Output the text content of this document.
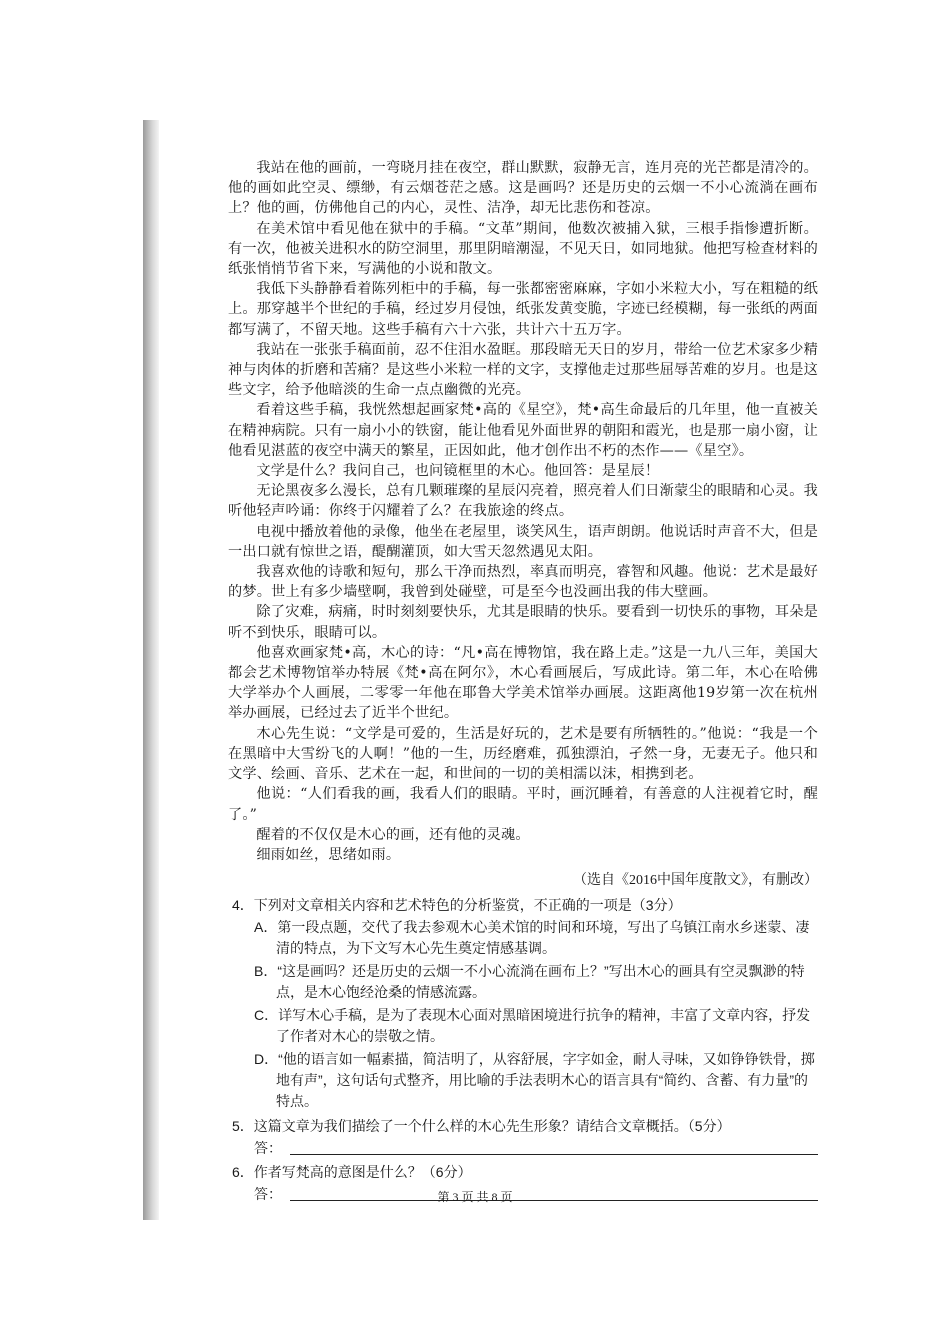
我站在他的画前，一弯晓月挂在夜空，群山默默，寂静无言，连月亮的光芒都是清冷的。他的画如此空灵、缥缈，有云烟苍茫之感。这是画吗？还是历史的云烟一不小心流淌在画布上？他的画，仿佛他自己的内心，灵性、洁净，却无比悲伤和苍凉。

在美术馆中看见他在狱中的手稿。“文革”期间，他数次被捕入狱，三根手指惨遭折断。有一次，他被关进积水的防空洞里，那里阴暗潮湿，不见天日，如同地狱。他把写检查材料的纸张悄悄节省下来，写满他的小说和散文。

我低下头静静看着陈列柜中的手稿，每一张都密密麻麻，字如小米粒大小，写在粗糙的纸上。那穿越半个世纪的手稿，经过岁月侵蚀，纸张发黄变脆，字迹已经模糊，每一张纸的两面都写满了，不留天地。这些手稿有六十六张，共计六十五万字。

我站在一张张手稿面前，忍不住泪水盈眶。那段暗无天日的岁月，带给一位艺术家多少精神与肉体的折磨和苦痛？是这些小米粒一样的文字，支撑他走过那些屈辱苦难的岁月。也是这些文字，给予他暗淡的生命一点点幽微的光亮。

看着这些手稿，我恍然想起画家梵•高的《星空》，梵•高生命最后的几年里，他一直被关在精神病院。只有一扇小小的铁窗，能让他看见外面世界的朝阳和霞光，也是那一扇小窗，让他看见湛蓝的夜空中满天的繁星，正因如此，他才创作出不朽的杰作——《星空》。

文学是什么？我问自己，也问镜框里的木心。他回答：是星辰！

无论黑夜多么漫长，总有几颗璀璨的星辰闪亮着，照亮着人们日渐蒙尘的眼睛和心灵。我听他轻声吟诵：你终于闪耀着了么？在我旅途的终点。

电视中播放着他的录像，他坐在老屋里，谈笑风生，语声朗朗。他说话时声音不大，但是一出口就有惊世之语，醍醐灌顶，如大雪天忽然遇见太阳。

我喜欢他的诗歌和短句，那么干净而热烈，率真而明亮，睿智和风趣。他说：艺术是最好的梦。世上有多少墙壁啊，我曾到处碰壁，可是至今也没画出我的伟大壁画。

除了灾难，病痛，时时刻刻要快乐，尤其是眼睛的快乐。要看到一切快乐的事物，耳朵是听不到快乐，眼睛可以。

他喜欢画家梵•高，木心的诗：“凡•高在博物馆，我在路上走。”这是一九八三年，美国大都会艺术博物馆举办特展《梵•高在阿尔》，木心看画展后，写成此诗。第二年，木心在哈佛大学举办个人画展，二零零一年他在耶鲁大学美术馆举办画展。这距离他19岁第一次在杭州举办画展，已经过去了近半个世纪。

木心先生说：“文学是可爱的，生活是好玩的，艺术是要有所牺牲的。”他说：“我是一个在黑暗中大雪纷飞的人啊！”他的一生，历经磨难，孤独漂泊，孑然一身，无妻无子。他只和文学、绘画、音乐、艺术在一起，和世间的一切的美相濡以沫，相携到老。

他说：“人们看我的画，我看人们的眼睛。平时，画沉睡着，有善意的人注视着它时，醒了。”

醒着的不仅仅是木心的画，还有他的灵魂。

细雨如丝，思绪如雨。

（选自《2016中国年度散文》，有删改）
4．下列对文章相关内容和艺术特色的分析鉴赏，不正确的一项是（3分）
A．第一段点题，交代了我去参观木心美术馆的时间和环境，写出了乌镇江南水乡迷蒙、凄清的特点，为下文写木心先生奠定情感基调。
B．“这是画吗？还是历史的云烟一不小心流淌在画布上？”写出木心的画具有空灵飘渺的特点，是木心饱经沧桑的情感流露。
C．详写木心手稿，是为了表现木心面对黑暗困境进行抗争的精神，丰富了文章内容，抒发了作者对木心的崇敬之情。
D．“他的语言如一幅素描，简洁明了，从容舒展，字字如金，耐人寻味，又如铮铮铁骨，掷地有声”，这句话句式整齐，用比喻的手法表明木心的语言具有“简约、含蓄、有力量”的特点。
5．这篇文章为我们描绘了一个什么样的木心先生形象？请结合文章概括。（5分）
答：
6．作者写梵高的意图是什么？（6分）
答：	第 3 页 共 8 页
